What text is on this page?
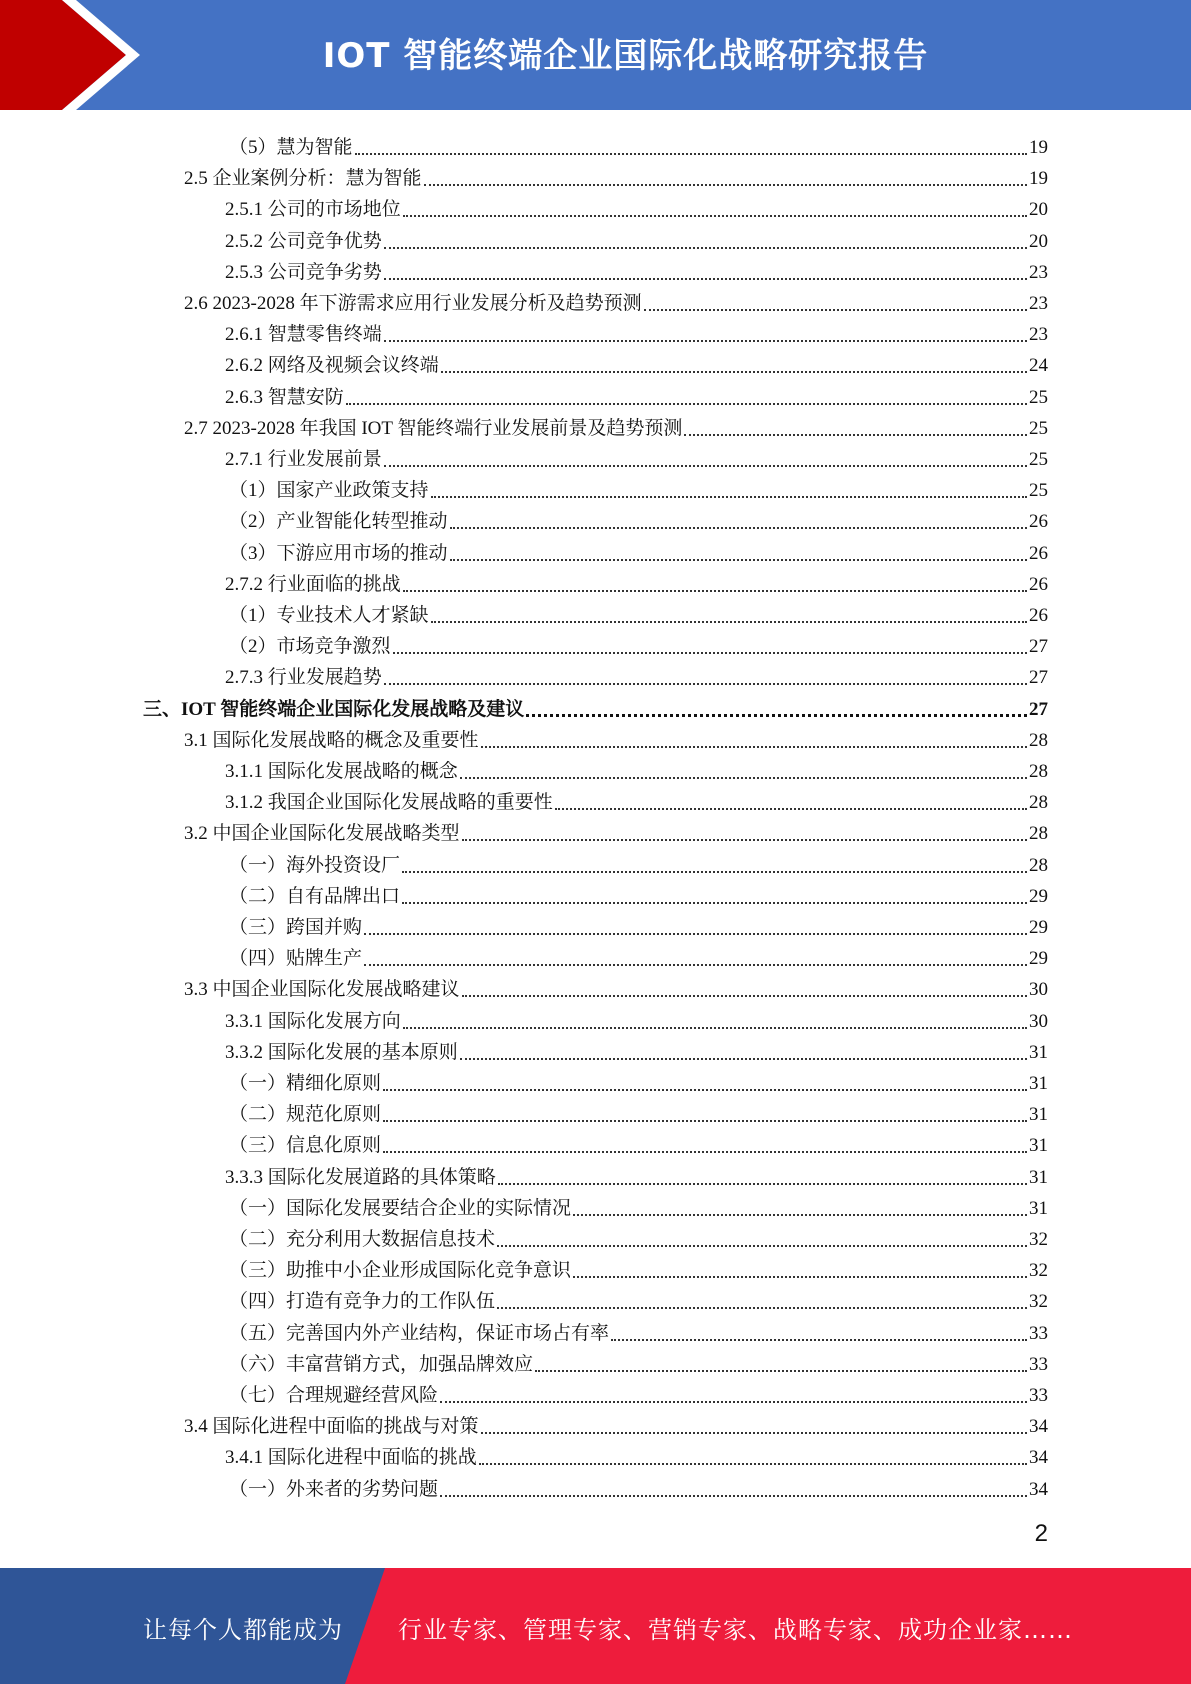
IOT 智能终端企业国际化战略研究报告
（5）慧为智能	19
2.5 企业案例分析：慧为智能	19
2.5.1 公司的市场地位	20
2.5.2 公司竞争优势	20
2.5.3 公司竞争劣势	23
2.6 2023-2028 年下游需求应用行业发展分析及趋势预测	23
2.6.1 智慧零售终端	23
2.6.2 网络及视频会议终端	24
2.6.3 智慧安防	25
2.7 2023-2028 年我国 IOT 智能终端行业发展前景及趋势预测	25
2.7.1 行业发展前景	25
（1）国家产业政策支持	25
（2）产业智能化转型推动	26
（3）下游应用市场的推动	26
2.7.2 行业面临的挑战	26
（1）专业技术人才紧缺	26
（2）市场竞争激烈	27
2.7.3 行业发展趋势	27
三、IOT 智能终端企业国际化发展战略及建议	27
3.1 国际化发展战略的概念及重要性	28
3.1.1 国际化发展战略的概念	28
3.1.2 我国企业国际化发展战略的重要性	28
3.2 中国企业国际化发展战略类型	28
（一）海外投资设厂	28
（二）自有品牌出口	29
（三）跨国并购	29
（四）贴牌生产	29
3.3 中国企业国际化发展战略建议	30
3.3.1 国际化发展方向	30
3.3.2 国际化发展的基本原则	31
（一）精细化原则	31
（二）规范化原则	31
（三）信息化原则	31
3.3.3 国际化发展道路的具体策略	31
（一）国际化发展要结合企业的实际情况	31
（二）充分利用大数据信息技术	32
（三）助推中小企业形成国际化竞争意识	32
（四）打造有竞争力的工作队伍	32
（五）完善国内外产业结构，保证市场占有率	33
（六）丰富营销方式，加强品牌效应	33
（七）合理规避经营风险	33
3.4 国际化进程中面临的挑战与对策	34
3.4.1 国际化进程中面临的挑战	34
（一）外来者的劣势问题	34
2
让每个人都能成为 行业专家、管理专家、营销专家、战略专家、成功企业家……
